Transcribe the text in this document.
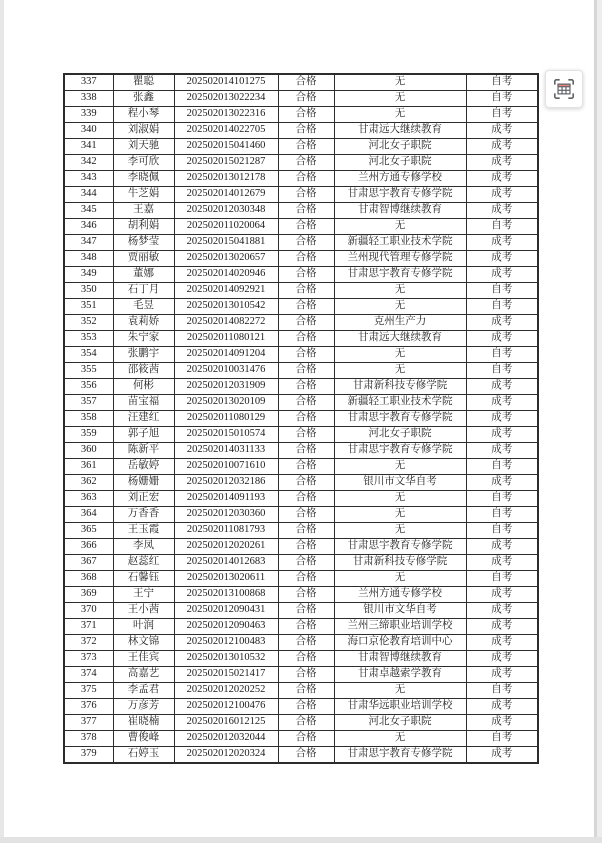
337	瞿聪	202502014101275	合格	无	自考
338	张鑫	202502013022234	合格	无	自考
339	程小琴	202502013022316	合格	无	自考
340	刘淑娟	202502014022705	合格	甘肃远大继续教育	成考
341	刘天驰	202502015041460	合格	河北女子职院	成考
342	李可欣	202502015021287	合格	河北女子职院	成考
343	李晓佩	202502013012178	合格	兰州方通专修学校	成考
344	牛芝娟	202502014012679	合格	甘肃思宇教育专修学院	成考
345	王嘉	202502012030348	合格	甘肃智博继续教育	成考
346	胡利娟	202502011020064	合格	无	自考
347	杨梦莹	202502015041881	合格	新疆轻工职业技术学院	成考
348	贾丽敏	202502013020657	合格	兰州现代管理专修学院	成考
349	董娜	202502014020946	合格	甘肃思宇教育专修学院	成考
350	石丁月	202502014092921	合格	无	自考
351	毛昱	202502013010542	合格	无	自考
352	袁莉娇	202502014082272	合格	克州生产力	成考
353	朱宁家	202502011080121	合格	甘肃远大继续教育	成考
354	张鹏宇	202502014091204	合格	无	自考
355	邵筱茜	202502010031476	合格	无	自考
356	何彬	202502012031909	合格	甘肃新科技专修学院	成考
357	苗宝福	202502013020109	合格	新疆轻工职业技术学院	成考
358	汪建红	202502011080129	合格	甘肃思宇教育专修学院	成考
359	郭子旭	202502015010574	合格	河北女子职院	成考
360	陈新平	202502014031133	合格	甘肃思宇教育专修学院	成考
361	岳敏婷	202502010071610	合格	无	自考
362	杨姗姗	202502012032186	合格	银川市文华自考	成考
363	刘正宏	202502014091193	合格	无	自考
364	万香香	202502012030360	合格	无	自考
365	王玉霞	202502011081793	合格	无	自考
366	李凤	202502012020261	合格	甘肃思宇教育专修学院	成考
367	赵蕊红	202502014012683	合格	甘肃新科技专修学院	成考
368	石馨钰	202502013020611	合格	无	自考
369	王宁	202502013100868	合格	兰州方通专修学校	成考
370	王小茜	202502012090431	合格	银川市文华自考	成考
371	叶润	202502012090463	合格	兰州三缔职业培训学校	成考
372	林文锦	202502012100483	合格	海口京伦教育培训中心	成考
373	王佳宾	202502013010532	合格	甘肃智博继续教育	成考
374	高嘉艺	202502015021417	合格	甘肃卓越索学教育	成考
375	李孟君	202502012020252	合格	无	自考
376	万彦芳	202502012100476	合格	甘肃华远职业培训学校	成考
377	崔晓楠	202502016012125	合格	河北女子职院	成考
378	曹俊峰	202502012032044	合格	无	自考
379	石婷玉	202502012020324	合格	甘肃思宇教育专修学院	成考
